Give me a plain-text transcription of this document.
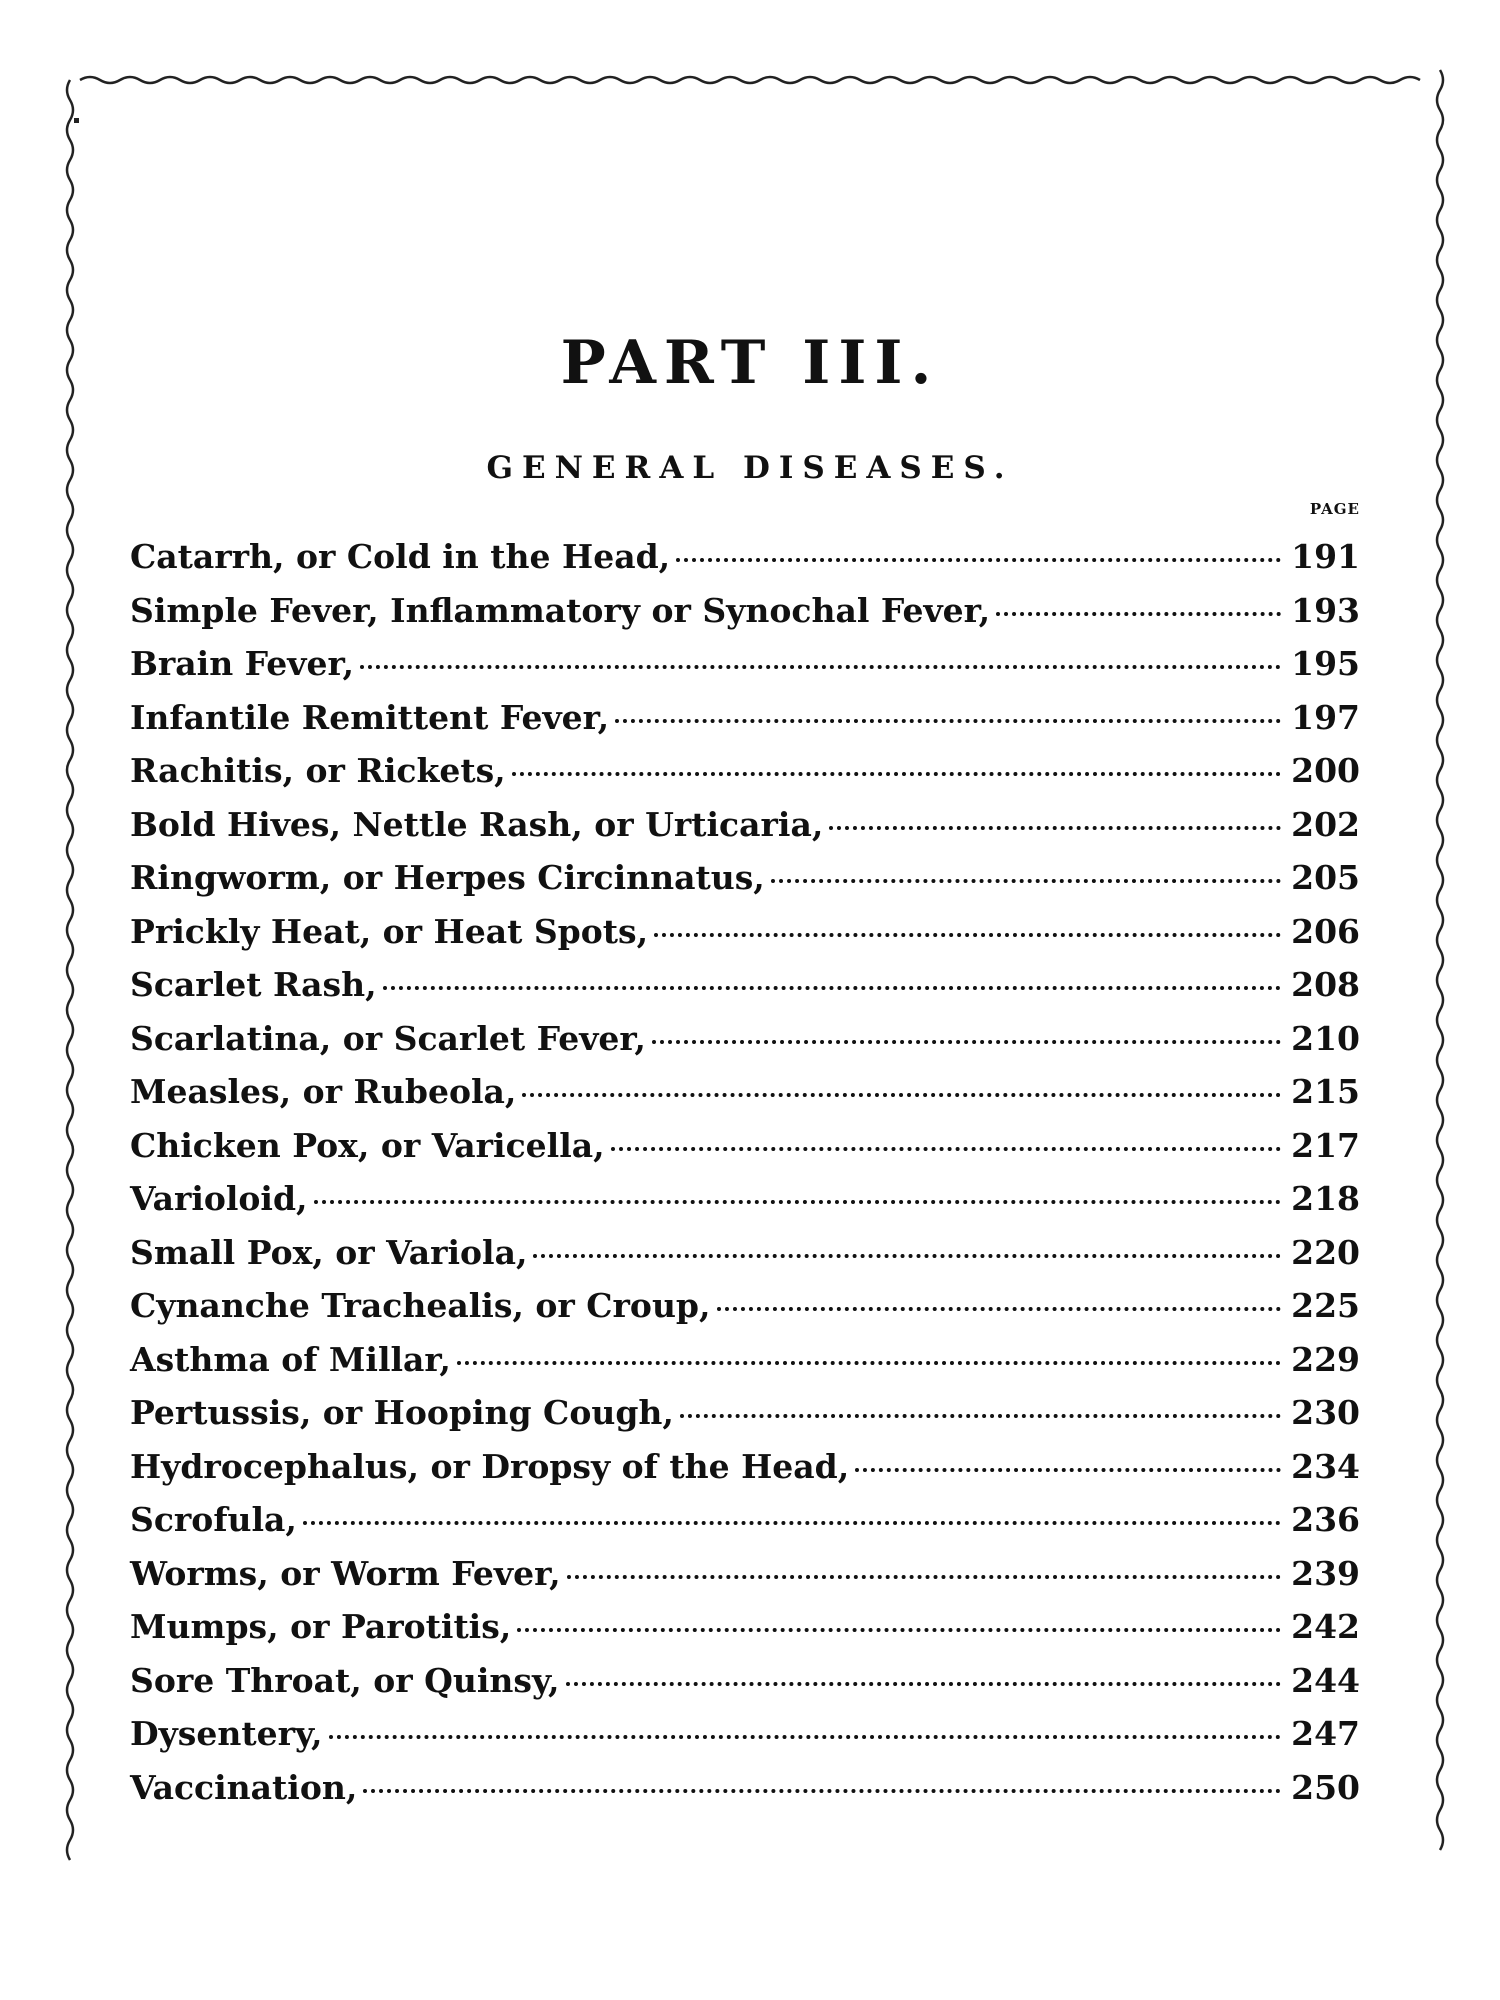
PART III.
GENERAL DISEASES.
PAGE
Catarrh, or Cold in the Head,	191
Simple Fever, Inflammatory or Synochal Fever,	193
Brain Fever,	195
Infantile Remittent Fever,	197
Rachitis, or Rickets,	200
Bold Hives, Nettle Rash, or Urticaria,	202
Ringworm, or Herpes Circinnatus,	205
Prickly Heat, or Heat Spots,	206
Scarlet Rash,	208
Scarlatina, or Scarlet Fever,	210
Measles, or Rubeola,	215
Chicken Pox, or Varicella,	217
Varioloid,	218
Small Pox, or Variola,	220
Cynanche Trachealis, or Croup,	225
Asthma of Millar,	229
Pertussis, or Hooping Cough,	230
Hydrocephalus, or Dropsy of the Head,	234
Scrofula,	236
Worms, or Worm Fever,	239
Mumps, or Parotitis,	242
Sore Throat, or Quinsy,	244
Dysentery,	247
Vaccination,	250
